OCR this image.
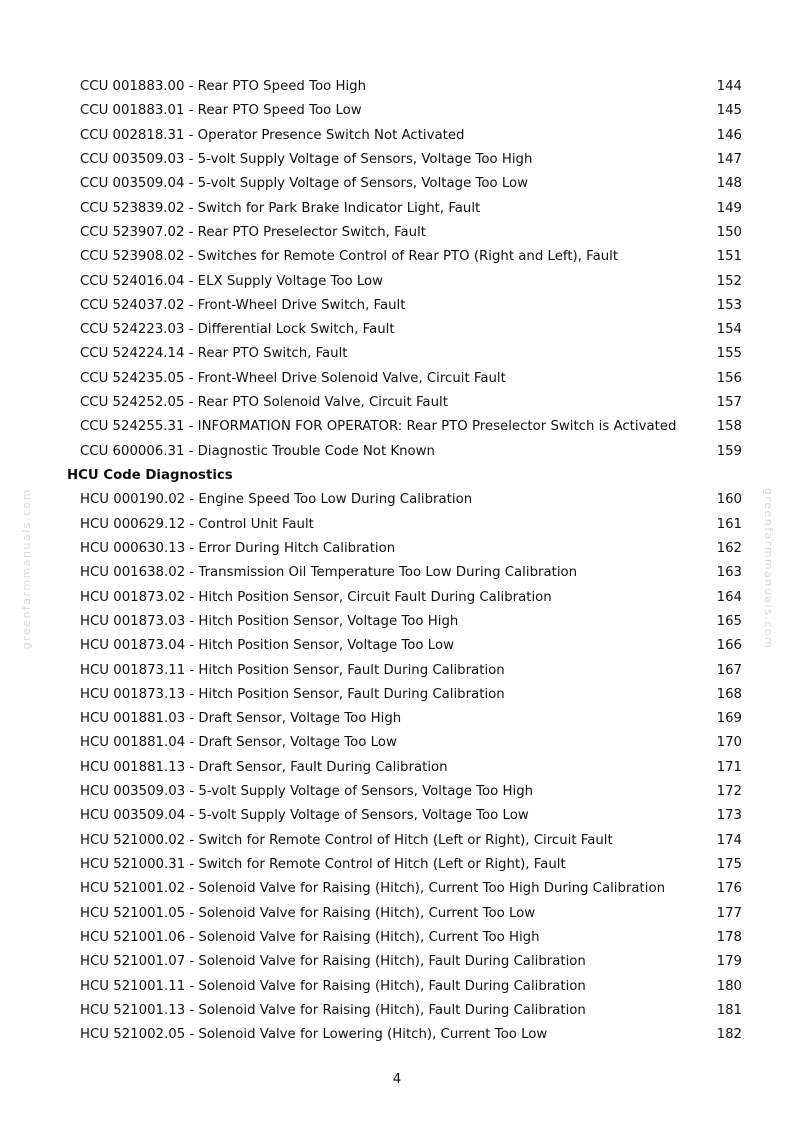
CCU 001883.00 - Rear PTO Speed Too High	144
CCU 001883.01 - Rear PTO Speed Too Low	145
CCU 002818.31 - Operator Presence Switch Not Activated	146
CCU 003509.03 - 5-volt Supply Voltage of Sensors, Voltage Too High	147
CCU 003509.04 - 5-volt Supply Voltage of Sensors, Voltage Too Low	148
CCU 523839.02 - Switch for Park Brake Indicator Light, Fault	149
CCU 523907.02 - Rear PTO Preselector Switch, Fault	150
CCU 523908.02 - Switches for Remote Control of Rear PTO (Right and Left), Fault	151
CCU 524016.04 - ELX Supply Voltage Too Low	152
CCU 524037.02 - Front-Wheel Drive Switch, Fault	153
CCU 524223.03 - Differential Lock Switch, Fault	154
CCU 524224.14 - Rear PTO Switch, Fault	155
CCU 524235.05 - Front-Wheel Drive Solenoid Valve, Circuit Fault	156
CCU 524252.05 - Rear PTO Solenoid Valve, Circuit Fault	157
CCU 524255.31 - INFORMATION FOR OPERATOR: Rear PTO Preselector Switch is Activated	158
CCU 600006.31 - Diagnostic Trouble Code Not Known	159
HCU Code Diagnostics
HCU 000190.02 - Engine Speed Too Low During Calibration	160
HCU 000629.12 - Control Unit Fault	161
HCU 000630.13 - Error During Hitch Calibration	162
HCU 001638.02 - Transmission Oil Temperature Too Low During Calibration	163
HCU 001873.02 - Hitch Position Sensor, Circuit Fault During Calibration	164
HCU 001873.03 - Hitch Position Sensor, Voltage Too High	165
HCU 001873.04 - Hitch Position Sensor, Voltage Too Low	166
HCU 001873.11 - Hitch Position Sensor, Fault During Calibration	167
HCU 001873.13 - Hitch Position Sensor, Fault During Calibration	168
HCU 001881.03 - Draft Sensor, Voltage Too High	169
HCU 001881.04 - Draft Sensor, Voltage Too Low	170
HCU 001881.13 - Draft Sensor, Fault During Calibration	171
HCU 003509.03 - 5-volt Supply Voltage of Sensors, Voltage Too High	172
HCU 003509.04 - 5-volt Supply Voltage of Sensors, Voltage Too Low	173
HCU 521000.02 - Switch for Remote Control of Hitch (Left or Right), Circuit Fault	174
HCU 521000.31 - Switch for Remote Control of Hitch (Left or Right), Fault	175
HCU 521001.02 - Solenoid Valve for Raising (Hitch), Current Too High During Calibration	176
HCU 521001.05 - Solenoid Valve for Raising (Hitch), Current Too Low	177
HCU 521001.06 - Solenoid Valve for Raising (Hitch), Current Too High	178
HCU 521001.07 - Solenoid Valve for Raising (Hitch), Fault During Calibration	179
HCU 521001.11 - Solenoid Valve for Raising (Hitch), Fault During Calibration	180
HCU 521001.13 - Solenoid Valve for Raising (Hitch), Fault During Calibration	181
HCU 521002.05 - Solenoid Valve for Lowering (Hitch), Current Too Low	182
greenfarmmanuals.com	greenfarmmanuals.com
4
